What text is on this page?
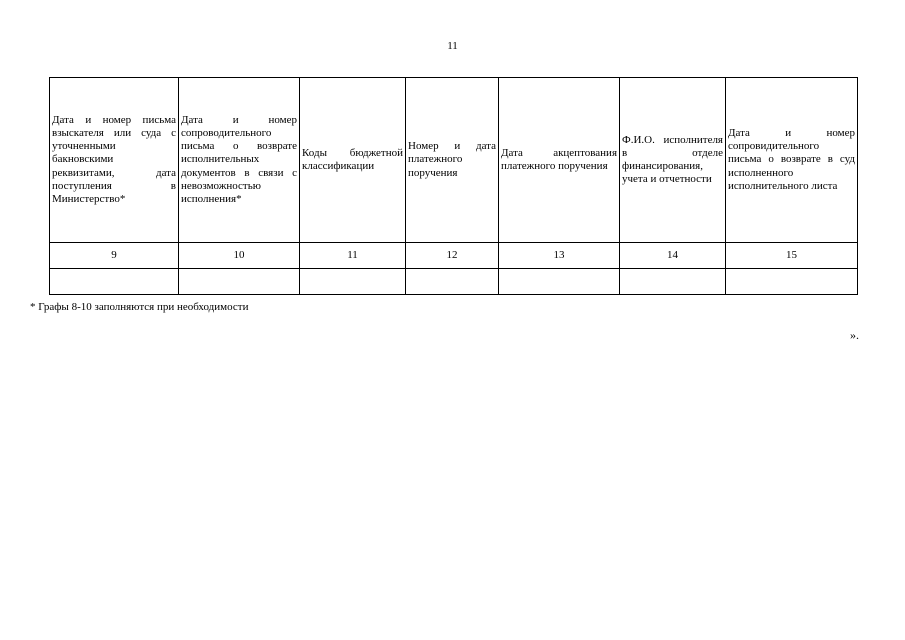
11
Дата и номер письма взыскателя или суда с уточненными бакновскими реквизитами, дата поступления в Министерство*	Дата и номер сопроводительного письма о возврате исполнительных документов в связи с невозможностью исполнения*	Коды бюджетной классификации	Номер и дата платежного поручения	Дата акцептования платежного поручения	Ф.И.О. исполнителя в отделе финансирования, учета и отчетности	Дата и номер сопровидительного письма о возврате в суд исполненного исполнительного листа
9	10	11	12	13	14	15

* Графы 8-10 заполняются при необходимости
».
